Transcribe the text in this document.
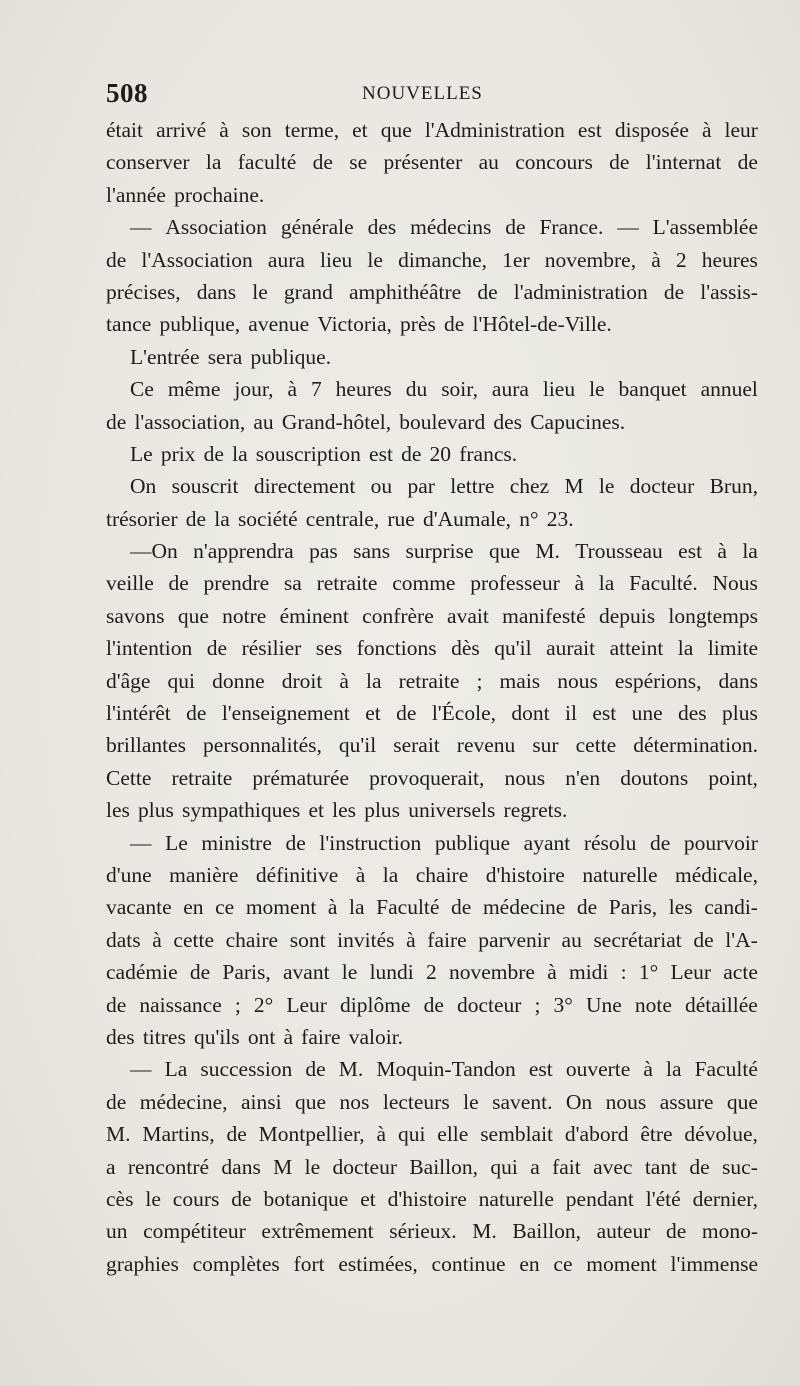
508	NOUVELLES
était arrivé à son terme, et que l'Administration est disposée à leur
conserver la faculté de se présenter au concours de l'internat de
l'année prochaine.
— Association générale des médecins de France. — L'assemblée
de l'Association aura lieu le dimanche, 1er novembre, à 2 heures
précises, dans le grand amphithéâtre de l'administration de l'assis-
tance publique, avenue Victoria, près de l'Hôtel-de-Ville.
L'entrée sera publique.
Ce même jour, à 7 heures du soir, aura lieu le banquet annuel
de l'association, au Grand-hôtel, boulevard des Capucines.
Le prix de la souscription est de 20 francs.
On souscrit directement ou par lettre chez M le docteur Brun,
trésorier de la société centrale, rue d'Aumale, n° 23.
—On n'apprendra pas sans surprise que M. Trousseau est à la
veille de prendre sa retraite comme professeur à la Faculté. Nous
savons que notre éminent confrère avait manifesté depuis longtemps
l'intention de résilier ses fonctions dès qu'il aurait atteint la limite
d'âge qui donne droit à la retraite ; mais nous espérions, dans
l'intérêt de l'enseignement et de l'École, dont il est une des plus
brillantes personnalités, qu'il serait revenu sur cette détermination.
Cette retraite prématurée provoquerait, nous n'en doutons point,
les plus sympathiques et les plus universels regrets.
— Le ministre de l'instruction publique ayant résolu de pourvoir
d'une manière définitive à la chaire d'histoire naturelle médicale,
vacante en ce moment à la Faculté de médecine de Paris, les candi-
dats à cette chaire sont invités à faire parvenir au secrétariat de l'A-
cadémie de Paris, avant le lundi 2 novembre à midi : 1° Leur acte
de naissance ; 2° Leur diplôme de docteur ; 3° Une note détaillée
des titres qu'ils ont à faire valoir.
— La succession de M. Moquin-Tandon est ouverte à la Faculté
de médecine, ainsi que nos lecteurs le savent. On nous assure que
M. Martins, de Montpellier, à qui elle semblait d'abord être dévolue,
a rencontré dans M le docteur Baillon, qui a fait avec tant de suc-
cès le cours de botanique et d'histoire naturelle pendant l'été dernier,
un compétiteur extrêmement sérieux. M. Baillon, auteur de mono-
graphies complètes fort estimées, continue en ce moment l'immense
